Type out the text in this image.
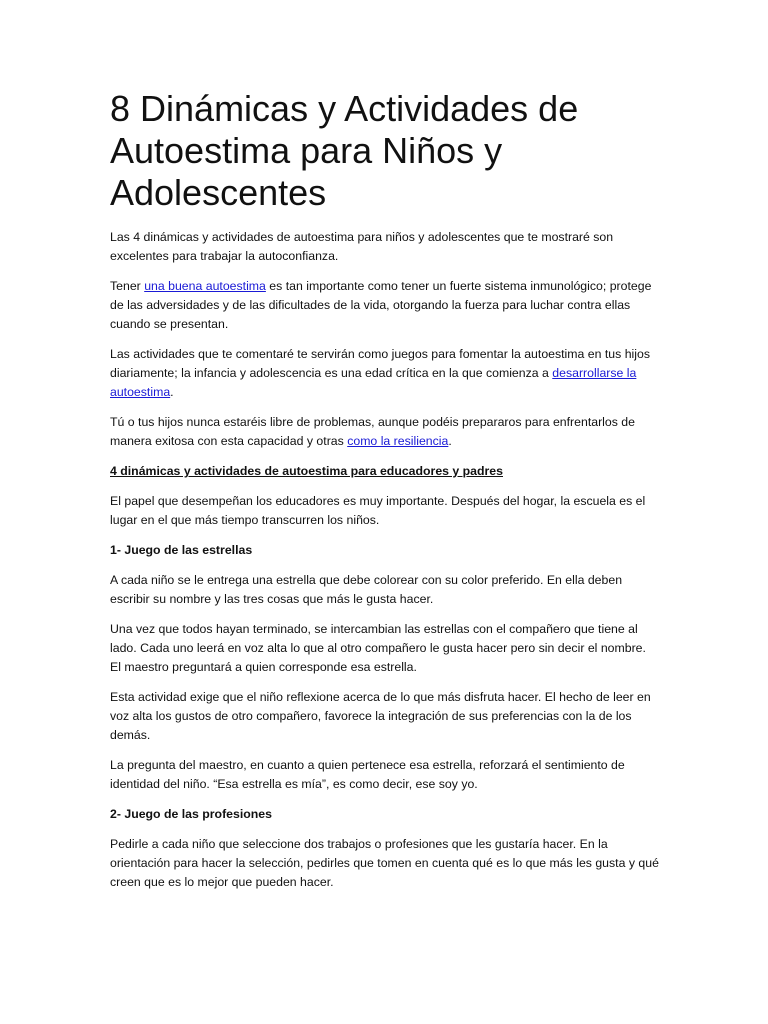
8 Dinámicas y Actividades de Autoestima para Niños y Adolescentes

Las 4 dinámicas y actividades de autoestima para niños y adolescentes que te mostraré son excelentes para trabajar la autoconfianza.

Tener una buena autoestima es tan importante como tener un fuerte sistema inmunológico; protege de las adversidades y de las dificultades de la vida, otorgando la fuerza para luchar contra ellas cuando se presentan.

Las actividades que te comentaré te servirán como juegos para fomentar la autoestima en tus hijos diariamente; la infancia y adolescencia es una edad crítica en la que comienza a desarrollarse la autoestima.

Tú o tus hijos nunca estaréis libre de problemas, aunque podéis prepararos para enfrentarlos de manera exitosa con esta capacidad y otras como la resiliencia.

4 dinámicas y actividades de autoestima para educadores y padres

El papel que desempeñan los educadores es muy importante. Después del hogar, la escuela es el lugar en el que más tiempo transcurren los niños.

1- Juego de las estrellas

A cada niño se le entrega una estrella que debe colorear con su color preferido. En ella deben escribir su nombre y las tres cosas que más le gusta hacer.

Una vez que todos hayan terminado, se intercambian las estrellas con el compañero que tiene al lado. Cada uno leerá en voz alta lo que al otro compañero le gusta hacer pero sin decir el nombre. El maestro preguntará a quien corresponde esa estrella.

Esta actividad exige que el niño reflexione acerca de lo que más disfruta hacer. El hecho de leer en voz alta los gustos de otro compañero, favorece la integración de sus preferencias con la de los demás.

La pregunta del maestro, en cuanto a quien pertenece esa estrella, reforzará el sentimiento de identidad del niño. “Esa estrella es mía”, es como decir, ese soy yo.

2- Juego de las profesiones

Pedirle a cada niño que seleccione dos trabajos o profesiones que les gustaría hacer. En la orientación para hacer la selección, pedirles que tomen en cuenta qué es lo que más les gusta y qué creen que es lo mejor que pueden hacer.
